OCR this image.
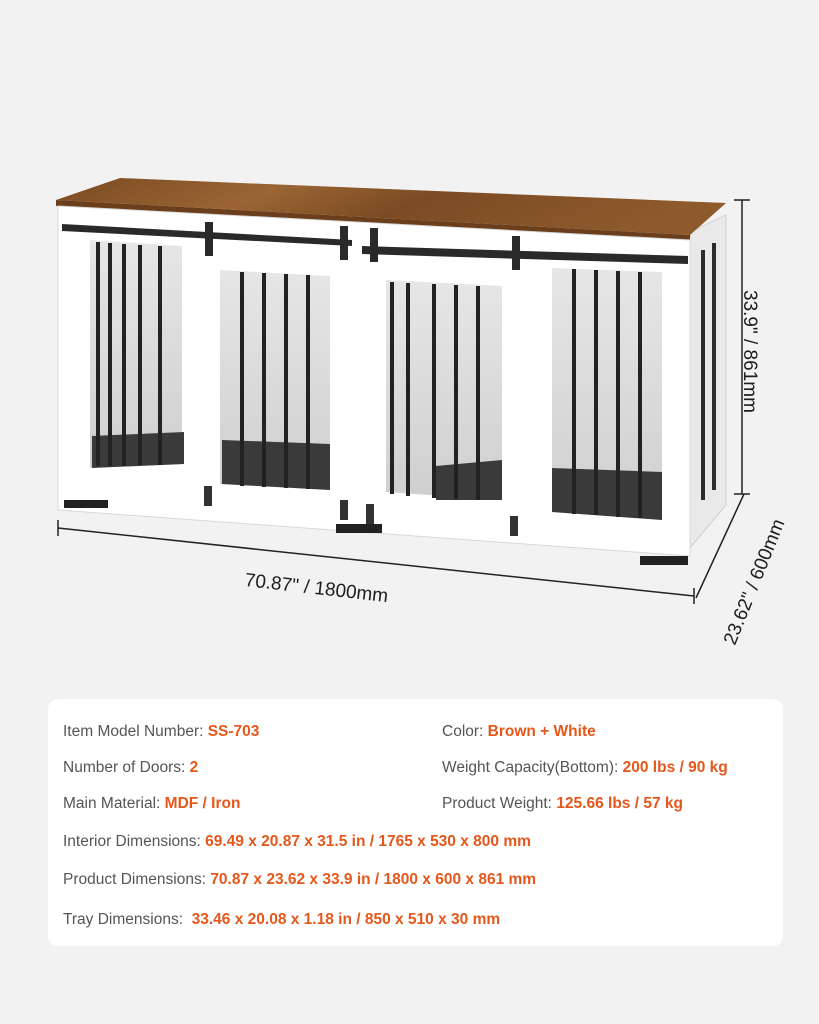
70.87" / 1800mm
33.9" / 861mm
23.62" / 600mm
Item Model Number: SS-703	Color: Brown + White
Number of Doors: 2	Weight Capacity(Bottom): 200 lbs / 90 kg
Main Material: MDF / Iron	Product Weight: 125.66 lbs / 57 kg
Interior Dimensions: 69.49 x 20.87 x 31.5 in / 1765 x 530 x 800 mm
Product Dimensions: 70.87 x 23.62 x 33.9 in / 1800 x 600 x 861 mm
Tray Dimensions:  33.46 x 20.08 x 1.18 in / 850 x 510 x 30 mm
